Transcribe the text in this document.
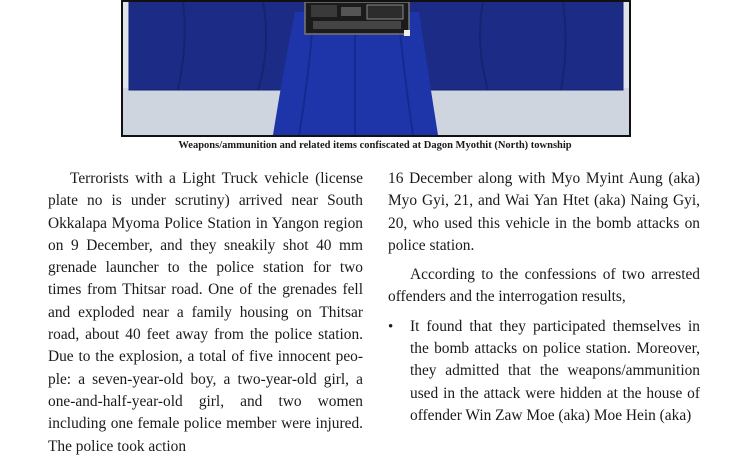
Weapons/ammunition and related items confiscated at Dagon Myothit (North) township

Terrorists with a Light Truck vehicle (license plate no is under scrutiny) arrived near South Okkalapa Myoma Police Station in Yangon region on 9 December, and they sneakily shot 40 mm grenade launcher to the police station for two times from Thitsar road. One of the grenades fell and exploded near a family housing on Thitsar road, about 40 feet away from the police station. Due to the explosion, a total of five innocent people: a seven-year-old boy, a two-year-old girl, a one-and-half-year-old girl, and two women including one female police member were injured. The police took action

16 December along with Myo Myint Aung (aka) Myo Gyi, 21, and Wai Yan Htet (aka) Naing Gyi, 20, who used this vehicle in the bomb attacks on police station.

According to the confessions of two arrested offenders and the interrogation results,

• It found that they participated themselves in the bomb attacks on police station. Moreover, they admitted that the weapons/ammunition used in the attack were hidden at the house of offender Win Zaw Moe (aka) Moe Hein (aka)
